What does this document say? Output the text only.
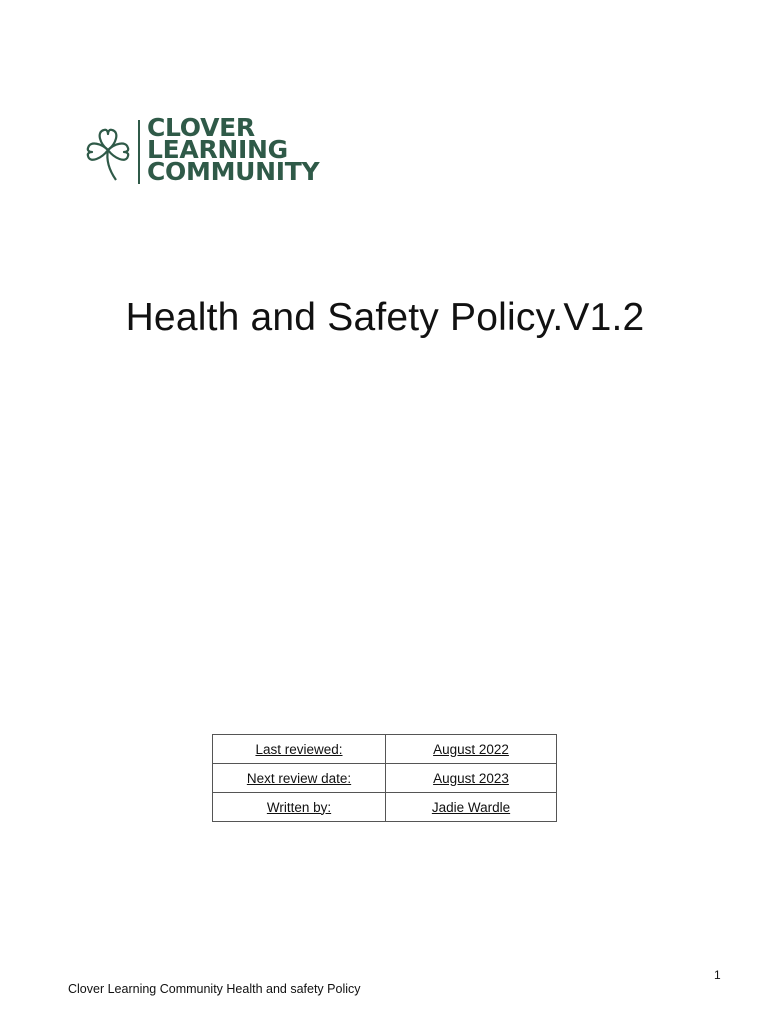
CLOVER
LEARNING
COMMUNITY
Health and Safety Policy.V1.2
Last reviewed:	August 2022
Next review date:	August 2023
Written by:	Jadie Wardle
1
Clover Learning Community Health and safety Policy
